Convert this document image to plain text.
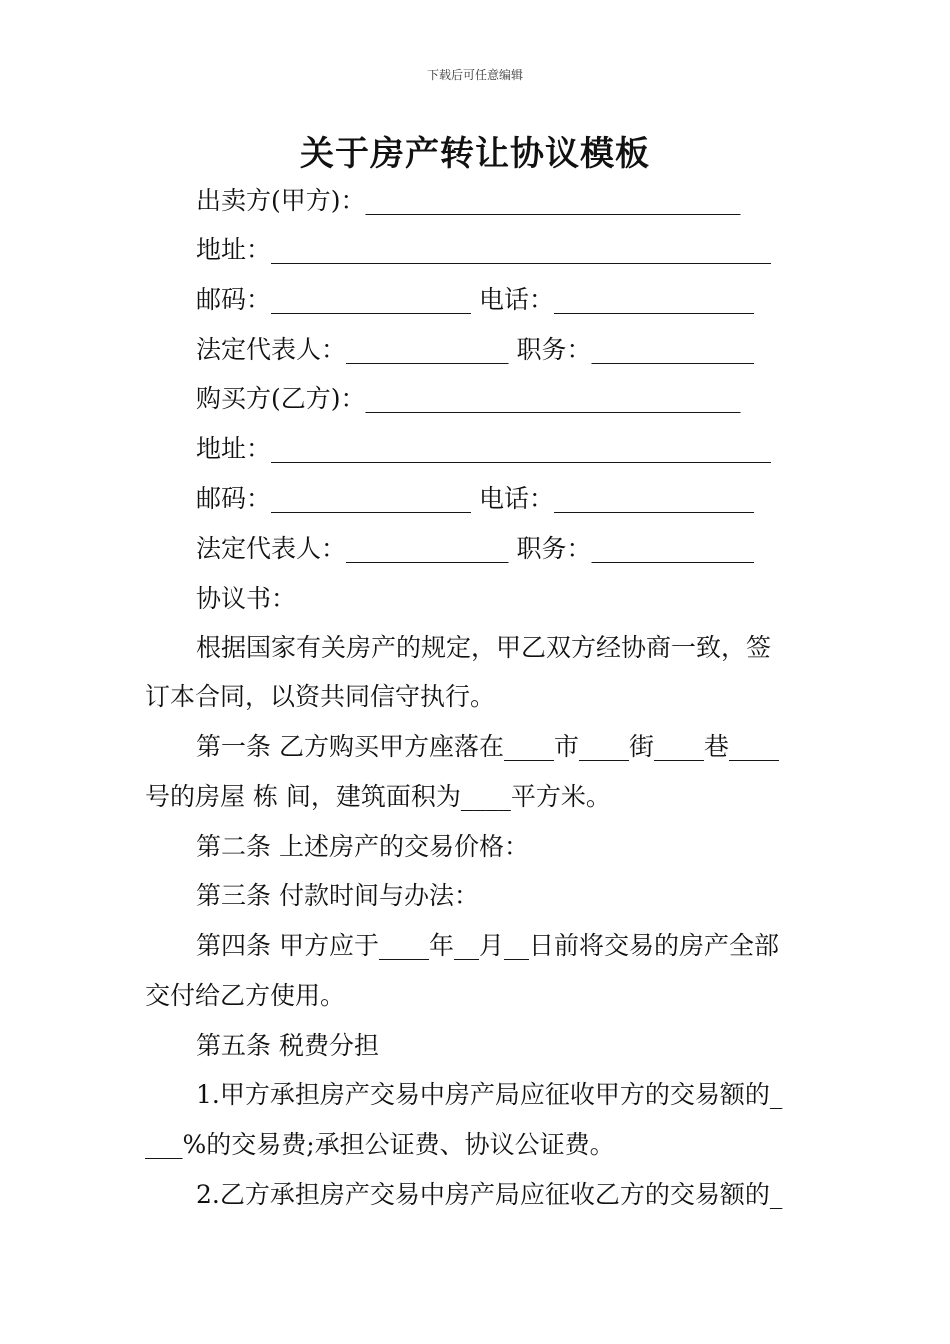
下载后可任意编辑
关于房产转让协议模板
出卖方(甲方)：______________________________
地址：________________________________________
邮码：________________ 电话：________________
法定代表人：_____________ 职务：_____________
购买方(乙方)：______________________________
地址：________________________________________
邮码：________________ 电话：________________
法定代表人：_____________ 职务：_____________
协议书：
根据国家有关房产的规定，甲乙双方经协商一致，签
订本合同，以资共同信守执行。
第一条 乙方购买甲方座落在____市____街____巷____
号的房屋 栋 间，建筑面积为____平方米。
第二条 上述房产的交易价格：
第三条 付款时间与办法：
第四条 甲方应于____年__月__日前将交易的房产全部
交付给乙方使用。
第五条 税费分担
1.甲方承担房产交易中房产局应征收甲方的交易额的_
___%的交易费;承担公证费、协议公证费。
2.乙方承担房产交易中房产局应征收乙方的交易额的_
